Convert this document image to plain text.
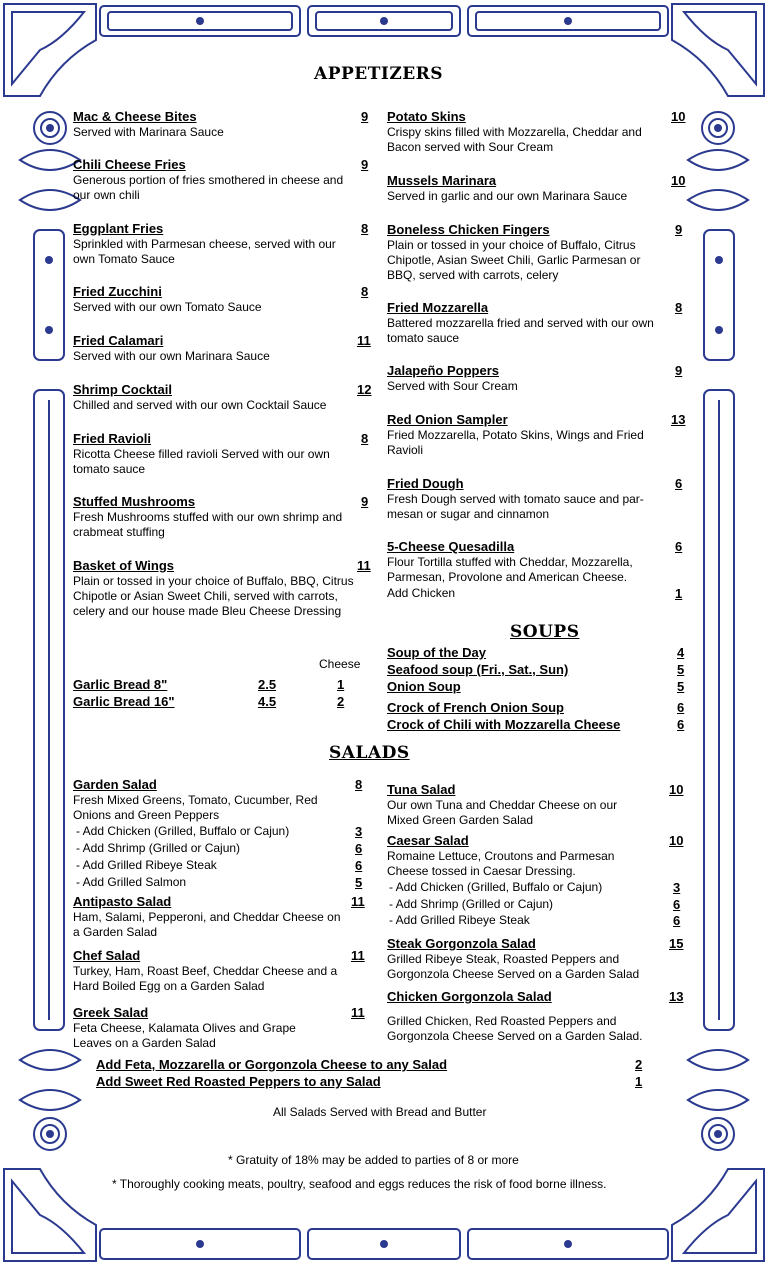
APPETIZERS
SOUPS
SALADS
Mac & Cheese Bites
Served with Marinara Sauce
9
Chili Cheese Fries
Generous portion of fries smothered in cheese and our own chili
9
Eggplant Fries
Sprinkled with Parmesan cheese, served with our own Tomato Sauce
8
Fried Zucchini
Served with our own Tomato Sauce
8
Fried Calamari
Served with our own Marinara Sauce
11
Shrimp Cocktail
Chilled and served with our own Cocktail Sauce
12
Fried Ravioli
Ricotta Cheese filled ravioli Served with our own tomato sauce
8
Stuffed Mushrooms
Fresh Mushrooms stuffed with our own shrimp and crabmeat stuffing
9
Basket of Wings
Plain or tossed in your choice of Buffalo, BBQ, Citrus Chipotle or Asian Sweet Chili, served with carrots, celery and our house made Bleu Cheese Dressing
11
Potato Skins
Crispy skins filled with Mozzarella, Cheddar and Bacon served with Sour Cream
10
Mussels Marinara
Served in garlic and our own Marinara Sauce
10
Boneless Chicken Fingers
Plain or tossed in your choice of Buffalo, Citrus Chipotle, Asian Sweet Chili, Garlic Parmesan or BBQ, served with carrots, celery
9
Fried Mozzarella
Battered mozzarella fried and served with our own tomato sauce
8
Jalapeño Poppers
Served with Sour Cream
9
Red Onion Sampler
Fried Mozzarella, Potato Skins, Wings and Fried Ravioli
13
Fried Dough
Fresh Dough served with tomato sauce and par-mesan or sugar and cinnamon
6
5-Cheese Quesadilla
Flour Tortilla stuffed with Cheddar, Mozzarella, Parmesan, Provolone and American Cheese.
6
Add Chicken	1
Cheese
Garlic Bread 8"	2.5	1
Garlic Bread 16"	4.5	2
Soup of the Day	4
Seafood soup (Fri., Sat., Sun)	5
Onion Soup	5
Crock of French Onion Soup	6
Crock of Chili with Mozzarella Cheese	6
Garden Salad
Fresh Mixed Greens, Tomato, Cucumber, Red Onions and Green Peppers
8
- Add Chicken (Grilled, Buffalo or Cajun)	3
- Add Shrimp (Grilled or Cajun)	6
- Add Grilled Ribeye Steak	6
- Add Grilled Salmon	5
Antipasto Salad
Ham, Salami, Pepperoni, and Cheddar Cheese on a Garden Salad
11
Chef Salad
Turkey, Ham, Roast Beef, Cheddar Cheese and a Hard Boiled Egg on a Garden Salad
11
Greek Salad
Feta Cheese, Kalamata Olives and Grape Leaves on a Garden Salad
11
Tuna Salad
Our own Tuna and Cheddar Cheese on our Mixed Green Garden Salad
10
Caesar Salad
Romaine Lettuce, Croutons and Parmesan Cheese tossed in Caesar Dressing.
10
- Add Chicken (Grilled, Buffalo or Cajun)	3
- Add Shrimp (Grilled or Cajun)	6
- Add Grilled Ribeye Steak	6
Steak Gorgonzola Salad
Grilled Ribeye Steak, Roasted Peppers and Gorgonzola Cheese Served on a Garden Salad
15
Chicken Gorgonzola Salad	13
Grilled Chicken, Red Roasted Peppers and Gorgonzola Cheese Served on a Garden Salad.
Add Feta, Mozzarella or Gorgonzola Cheese to any Salad	2
Add Sweet Red Roasted Peppers to any Salad	1
All Salads Served with Bread and Butter
* Gratuity of 18% may be added to parties of 8 or more
* Thoroughly cooking meats, poultry, seafood and eggs reduces the risk of food borne illness.
